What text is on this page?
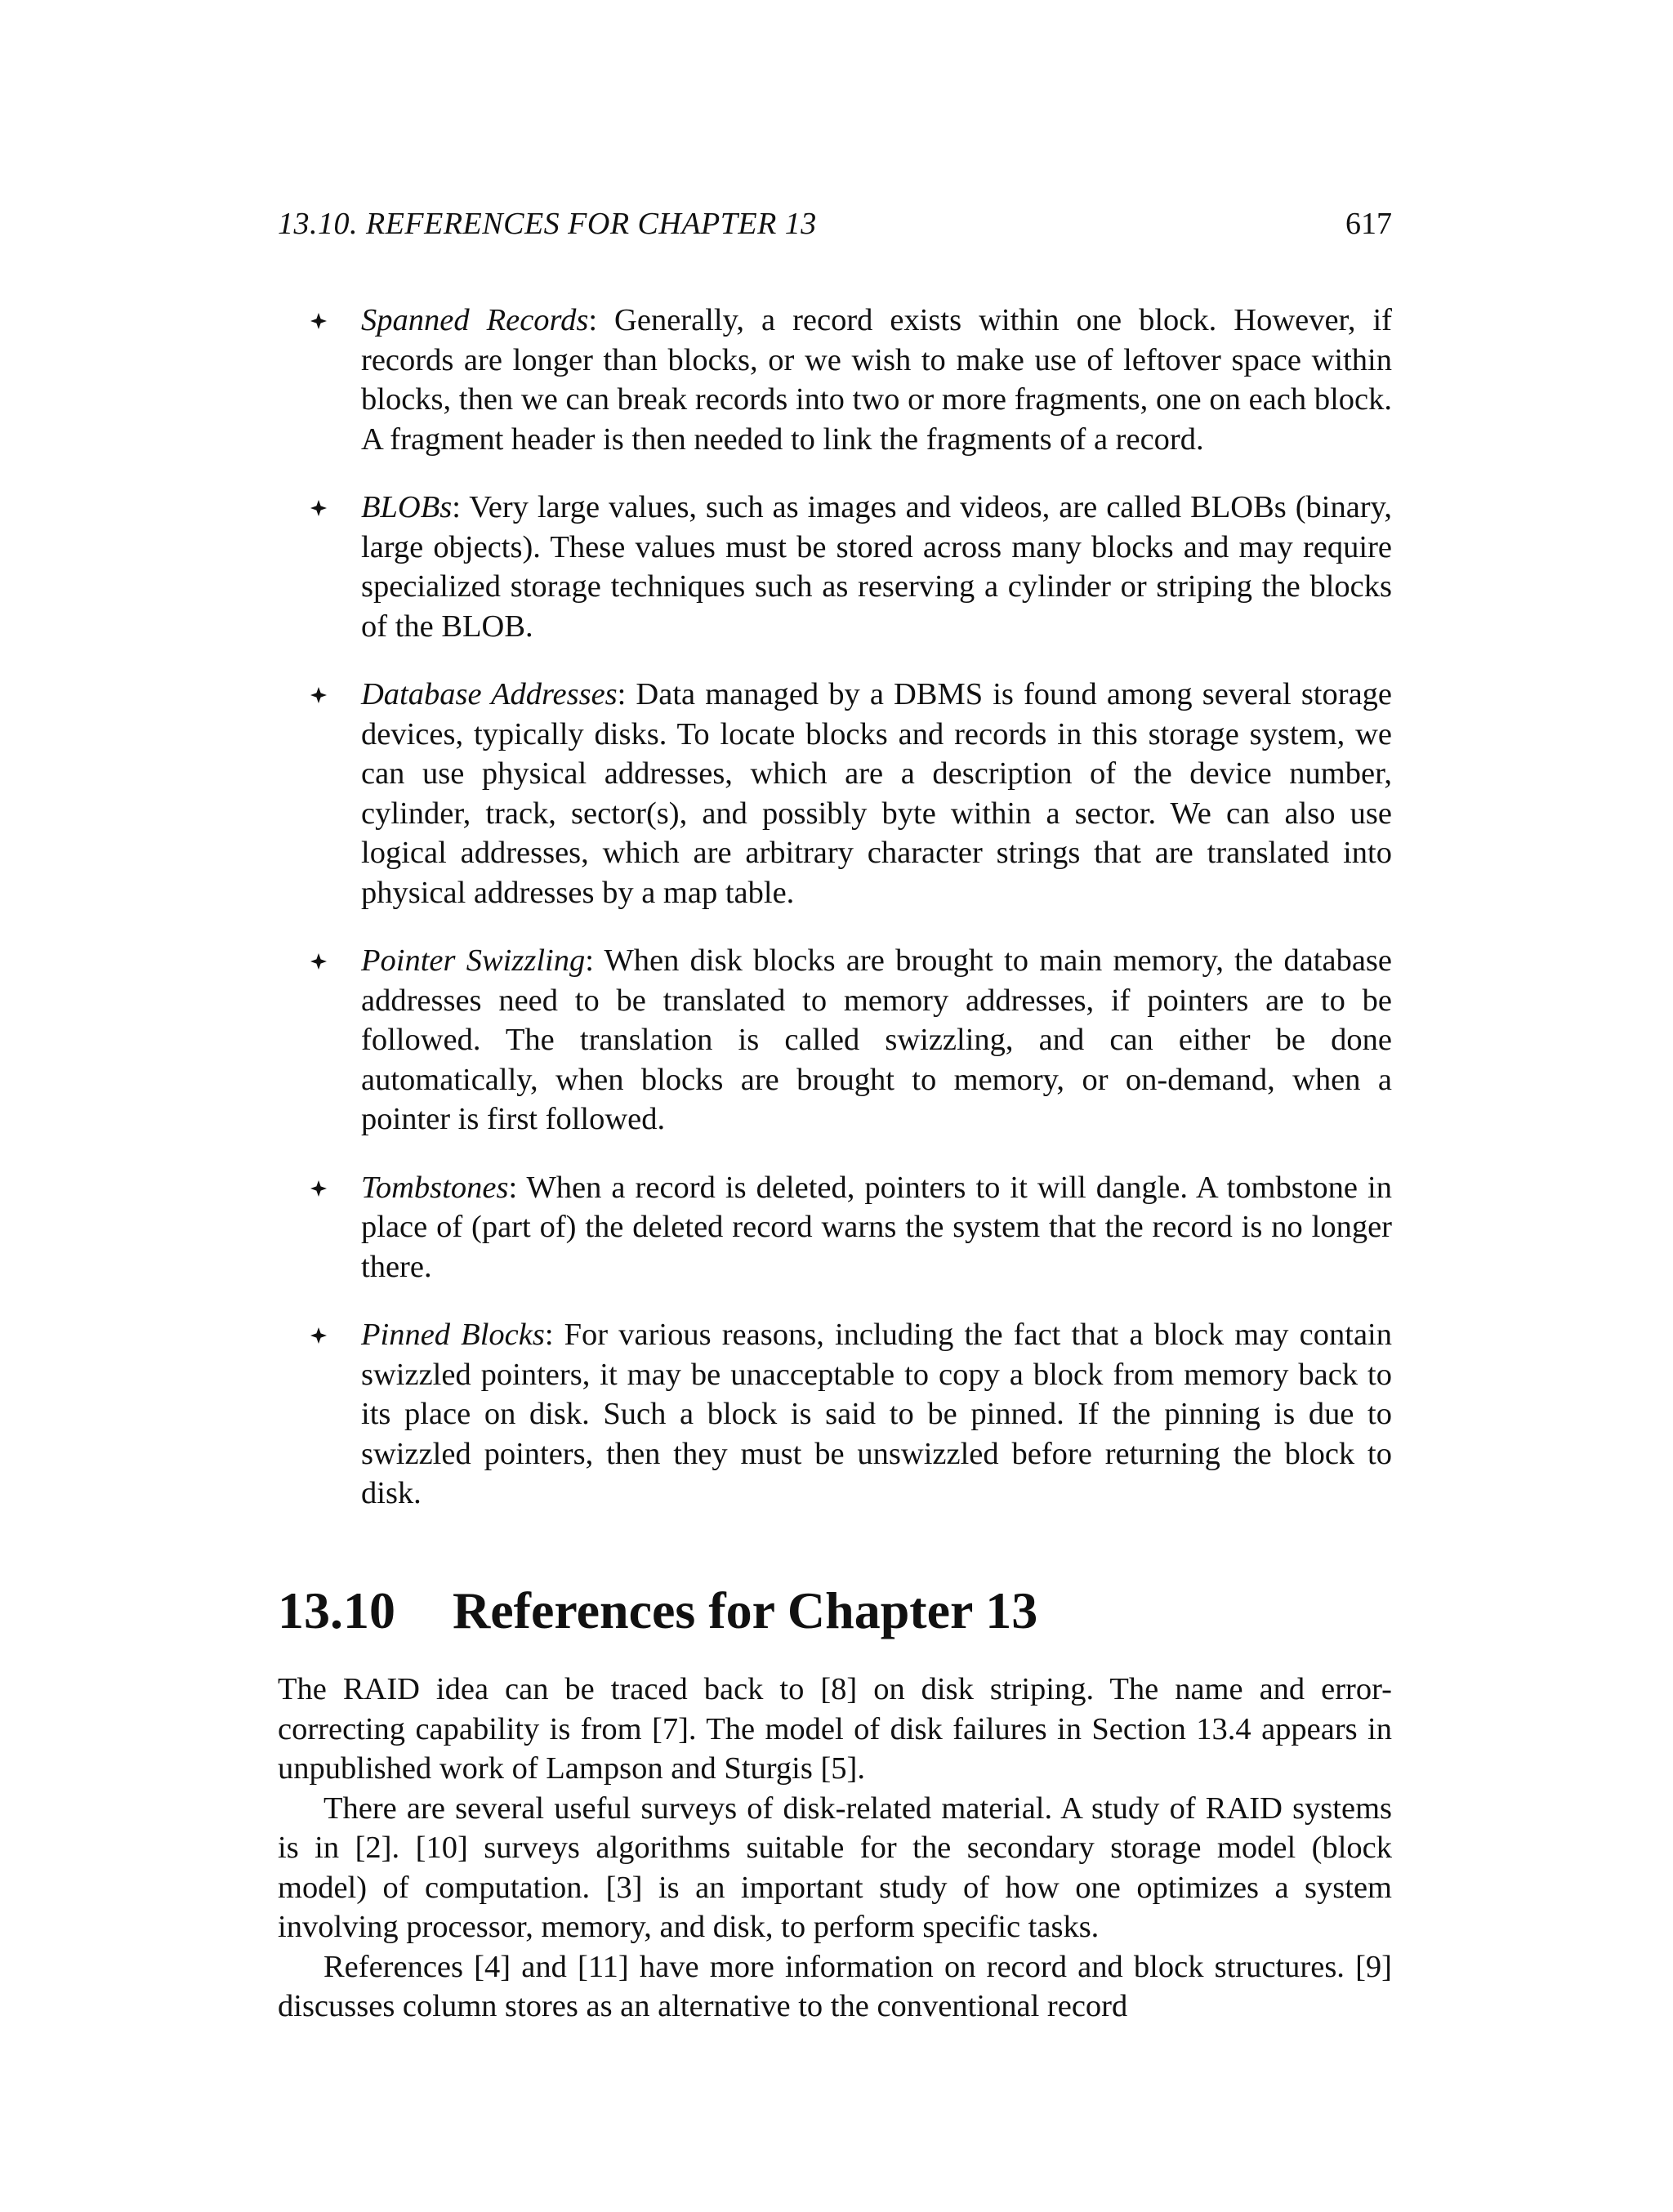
13.10. REFERENCES FOR CHAPTER 13	617
Spanned Records: Generally, a record exists within one block. However, if records are longer than blocks, or we wish to make use of leftover space within blocks, then we can break records into two or more fragments, one on each block. A fragment header is then needed to link the fragments of a record.
BLOBs: Very large values, such as images and videos, are called BLOBs (binary, large objects). These values must be stored across many blocks and may require specialized storage techniques such as reserving a cylinder or striping the blocks of the BLOB.
Database Addresses: Data managed by a DBMS is found among several storage devices, typically disks. To locate blocks and records in this storage system, we can use physical addresses, which are a description of the device number, cylinder, track, sector(s), and possibly byte within a sector. We can also use logical addresses, which are arbitrary character strings that are translated into physical addresses by a map table.
Pointer Swizzling: When disk blocks are brought to main memory, the database addresses need to be translated to memory addresses, if pointers are to be followed. The translation is called swizzling, and can either be done automatically, when blocks are brought to memory, or on-demand, when a pointer is first followed.
Tombstones: When a record is deleted, pointers to it will dangle. A tombstone in place of (part of) the deleted record warns the system that the record is no longer there.
Pinned Blocks: For various reasons, including the fact that a block may contain swizzled pointers, it may be unacceptable to copy a block from memory back to its place on disk. Such a block is said to be pinned. If the pinning is due to swizzled pointers, then they must be unswizzled before returning the block to disk.
13.10 References for Chapter 13

The RAID idea can be traced back to [8] on disk striping. The name and error-correcting capability is from [7]. The model of disk failures in Section 13.4 appears in unpublished work of Lampson and Sturgis [5].

There are several useful surveys of disk-related material. A study of RAID systems is in [2]. [10] surveys algorithms suitable for the secondary storage model (block model) of computation. [3] is an important study of how one optimizes a system involving processor, memory, and disk, to perform specific tasks.

References [4] and [11] have more information on record and block structures. [9] discusses column stores as an alternative to the conventional record
